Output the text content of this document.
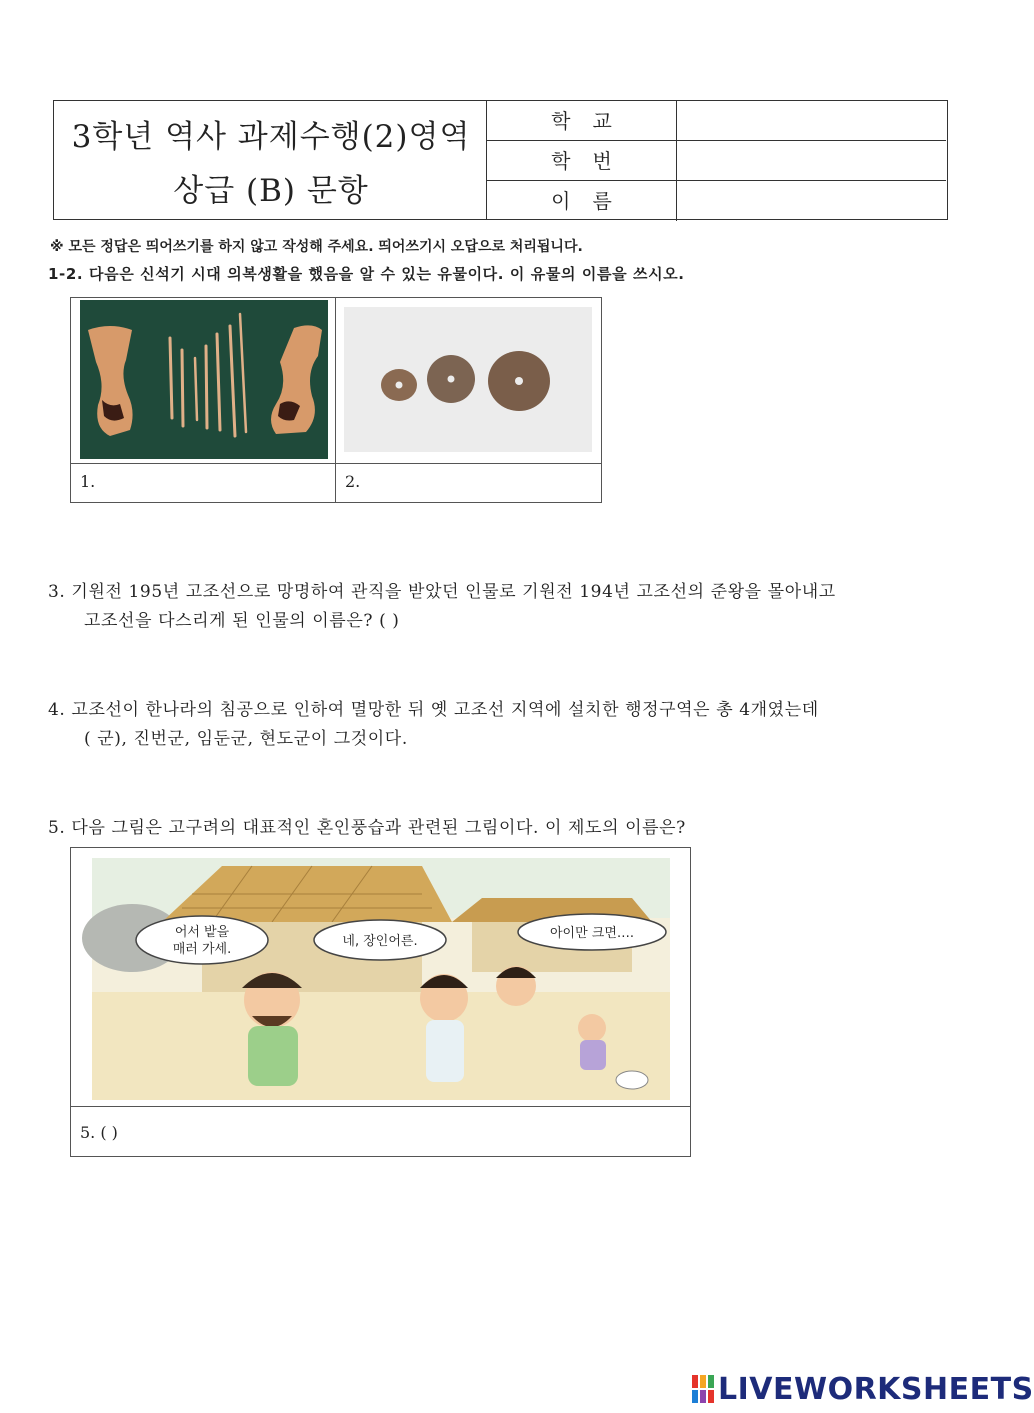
3학년 역사 과제수행(2)영역
상급 (B) 문항
학교
학번
이름
※ 모든 정답은 띄어쓰기를 하지 않고 작성해 주세요. 띄어쓰기시 오답으로 처리됩니다.
1-2. 다음은 신석기 시대 의복생활을 했음을 알 수 있는 유물이다. 이 유물의 이름을 쓰시오.
1.	2.
3. 기원전 195년 고조선으로 망명하여 관직을 받았던 인물로 기원전 194년 고조선의 준왕을 몰아내고
고조선을 다스리게 된 인물의 이름은? ( )
4. 고조선이 한나라의 침공으로 인하여 멸망한 뒤 옛 고조선 지역에 설치한 행정구역은 총 4개였는데
( 군), 진번군, 임둔군, 현도군이 그것이다.
5. 다음 그림은 고구려의 대표적인 혼인풍습과 관련된 그림이다. 이 제도의 이름은?
어서 밭을
매러 가세.
네, 장인어른.
아이만 크면….
5. ( )
LIVEWORKSHEETS
